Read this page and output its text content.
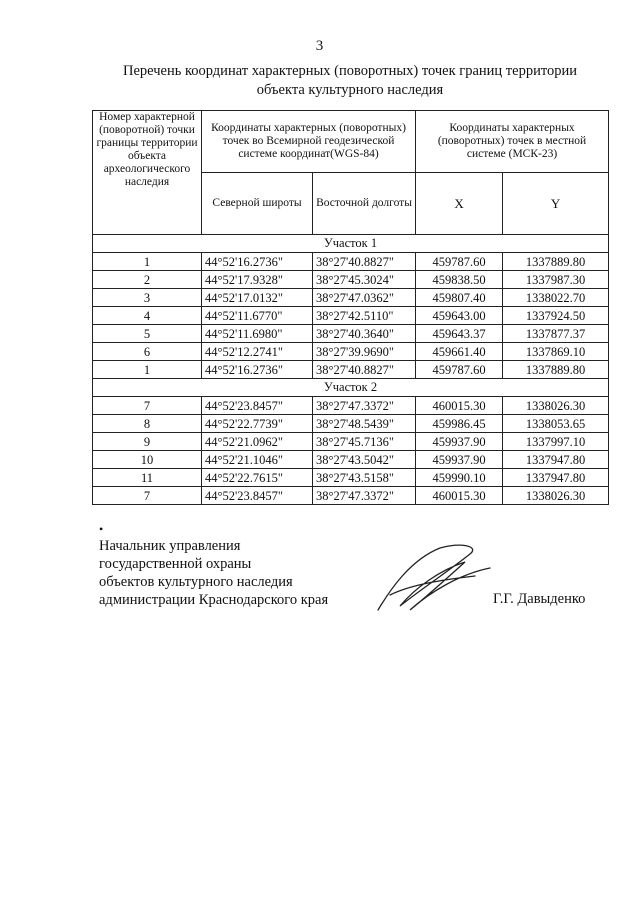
3
Перечень координат характерных (поворотных) точек границ территории
объекта культурного наследия
Номер характерной (поворотной) точки границы территории объекта археологического наследия	Координаты характерных (поворотных) точек во Всемирной геодезической системе координат(WGS-84)		Координаты характерных (поворотных) точек в местной системе (МСК-23)	
	Северной широты	Восточной долготы	X	Y
Участок 1				
1	44°52'16.2736"	38°27'40.8827"	459787.60	1337889.80
2	44°52'17.9328"	38°27'45.3024"	459838.50	1337987.30
3	44°52'17.0132"	38°27'47.0362"	459807.40	1338022.70
4	44°52'11.6770"	38°27'42.5110"	459643.00	1337924.50
5	44°52'11.6980"	38°27'40.3640"	459643.37	1337877.37
6	44°52'12.2741"	38°27'39.9690"	459661.40	1337869.10
1	44°52'16.2736"	38°27'40.8827"	459787.60	1337889.80
Участок 2				
7	44°52'23.8457"	38°27'47.3372"	460015.30	1338026.30
8	44°52'22.7739"	38°27'48.5439"	459986.45	1338053.65
9	44°52'21.0962"	38°27'45.7136"	459937.90	1337997.10
10	44°52'21.1046"	38°27'43.5042"	459937.90	1337947.80
11	44°52'22.7615"	38°27'43.5158"	459990.10	1337947.80
7	44°52'23.8457"	38°27'47.3372"	460015.30	1338026.30
•
Начальник управления
государственной охраны
объектов культурного наследия
администрации Краснодарского края	Г.Г. Давыденко
